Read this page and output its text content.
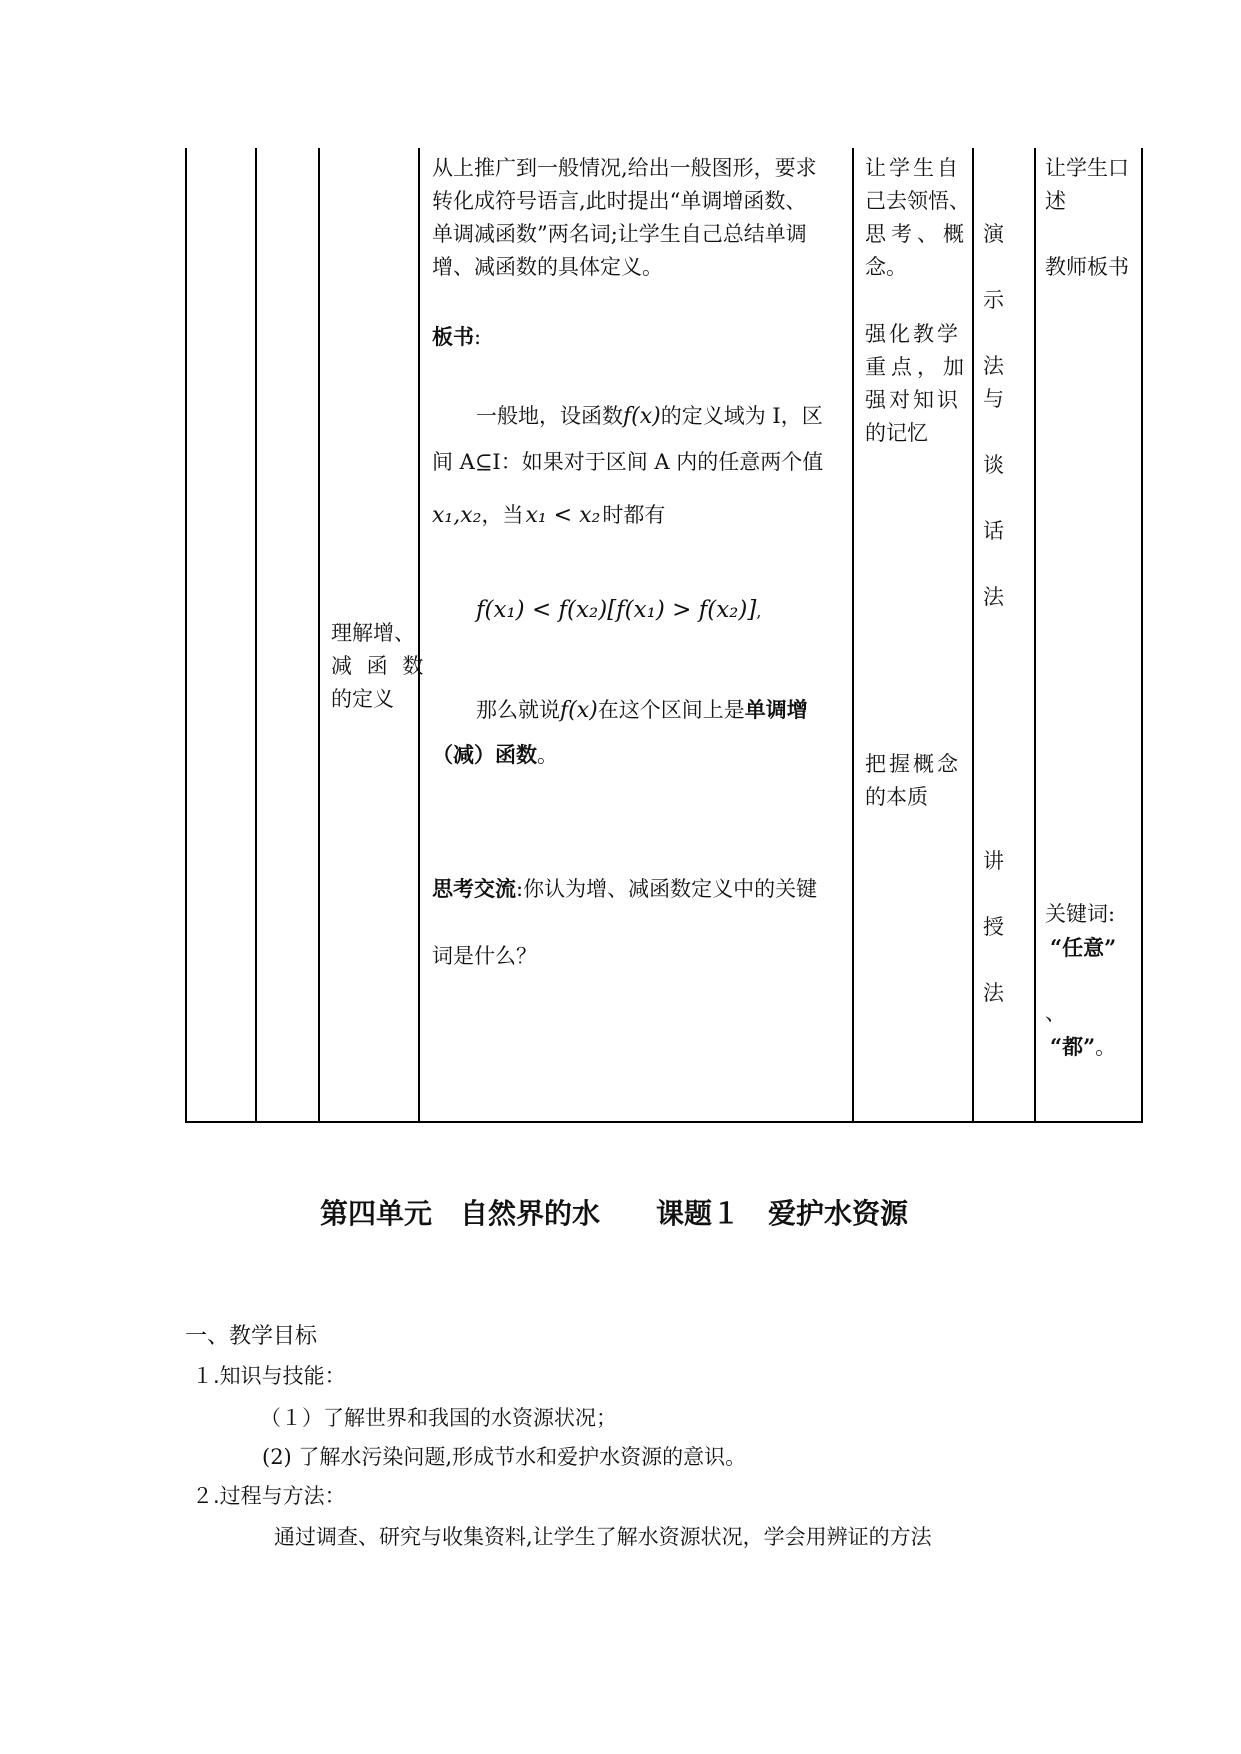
理解增、
减 函 数
的定义
从上推广到一般情况,给出一般图形，要求
转化成符号语言,此时提出“单调增函数、
单调减函数”两名词;让学生自己总结单调
增、减函数的具体定义。
板书:
一般地，设函数f(x)的定义域为 I，区
间 A⊆I：如果对于区间 A 内的任意两个值
x₁,x₂，当x₁ < x₂时都有
f(x₁) < f(x₂)[f(x₁) > f(x₂)],
那么就说f(x)在这个区间上是单调增
（减）函数。
思考交流:你认为增、减函数定义中的关键
词是什么？
让学生自
己去领悟、
思考、概
念。
强化教学
重点，加
强对知识
的记忆
把握概念
的本质
演
示
法
与
谈
话
法
讲
授
法
让学生口
述
教师板书
关键词:
“任意”
、
“都”。
第四单元　自然界的水　　课题１　爱护水资源
一、教学目标
１.知识与技能：
（１）了解世界和我国的水资源状况；
(2) 了解水污染问题,形成节水和爱护水资源的意识。
２.过程与方法：
通过调查、研究与收集资料,让学生了解水资源状况，学会用辨证的方法
